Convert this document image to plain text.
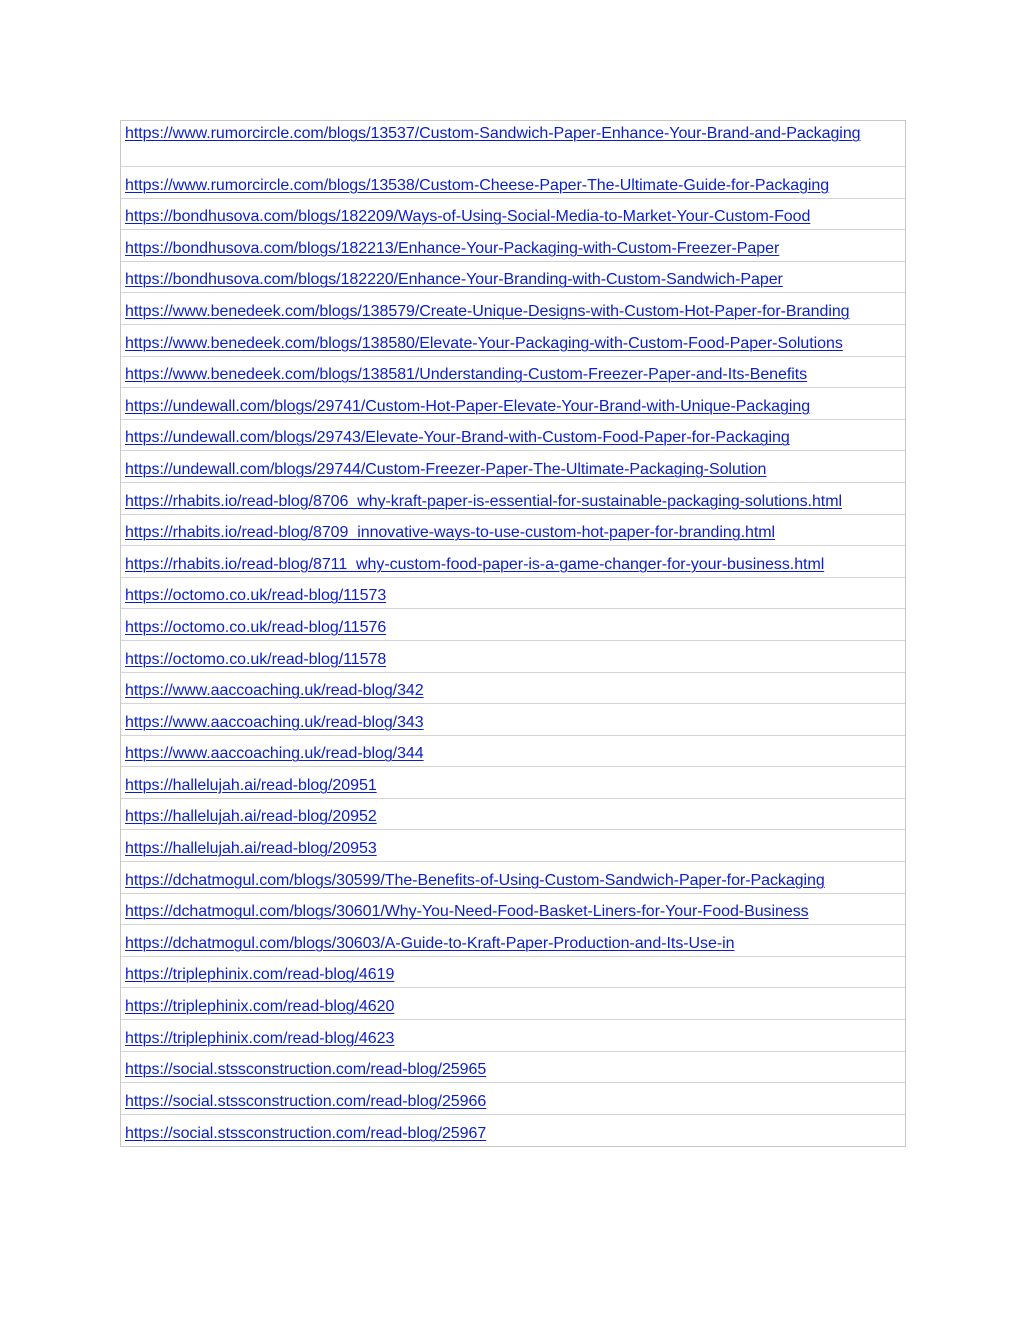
https://www.rumorcircle.com/blogs/13537/Custom-Sandwich-Paper-Enhance-Your-Brand-and-Packaging
https://www.rumorcircle.com/blogs/13538/Custom-Cheese-Paper-The-Ultimate-Guide-for-Packaging
https://bondhusova.com/blogs/182209/Ways-of-Using-Social-Media-to-Market-Your-Custom-Food
https://bondhusova.com/blogs/182213/Enhance-Your-Packaging-with-Custom-Freezer-Paper
https://bondhusova.com/blogs/182220/Enhance-Your-Branding-with-Custom-Sandwich-Paper
https://www.benedeek.com/blogs/138579/Create-Unique-Designs-with-Custom-Hot-Paper-for-Branding
https://www.benedeek.com/blogs/138580/Elevate-Your-Packaging-with-Custom-Food-Paper-Solutions
https://www.benedeek.com/blogs/138581/Understanding-Custom-Freezer-Paper-and-Its-Benefits
https://undewall.com/blogs/29741/Custom-Hot-Paper-Elevate-Your-Brand-with-Unique-Packaging
https://undewall.com/blogs/29743/Elevate-Your-Brand-with-Custom-Food-Paper-for-Packaging
https://undewall.com/blogs/29744/Custom-Freezer-Paper-The-Ultimate-Packaging-Solution
https://rhabits.io/read-blog/8706_why-kraft-paper-is-essential-for-sustainable-packaging-solutions.html
https://rhabits.io/read-blog/8709_innovative-ways-to-use-custom-hot-paper-for-branding.html
https://rhabits.io/read-blog/8711_why-custom-food-paper-is-a-game-changer-for-your-business.html
https://octomo.co.uk/read-blog/11573
https://octomo.co.uk/read-blog/11576
https://octomo.co.uk/read-blog/11578
https://www.aaccoaching.uk/read-blog/342
https://www.aaccoaching.uk/read-blog/343
https://www.aaccoaching.uk/read-blog/344
https://hallelujah.ai/read-blog/20951
https://hallelujah.ai/read-blog/20952
https://hallelujah.ai/read-blog/20953
https://dchatmogul.com/blogs/30599/The-Benefits-of-Using-Custom-Sandwich-Paper-for-Packaging
https://dchatmogul.com/blogs/30601/Why-You-Need-Food-Basket-Liners-for-Your-Food-Business
https://dchatmogul.com/blogs/30603/A-Guide-to-Kraft-Paper-Production-and-Its-Use-in
https://triplephinix.com/read-blog/4619
https://triplephinix.com/read-blog/4620
https://triplephinix.com/read-blog/4623
https://social.stssconstruction.com/read-blog/25965
https://social.stssconstruction.com/read-blog/25966
https://social.stssconstruction.com/read-blog/25967
